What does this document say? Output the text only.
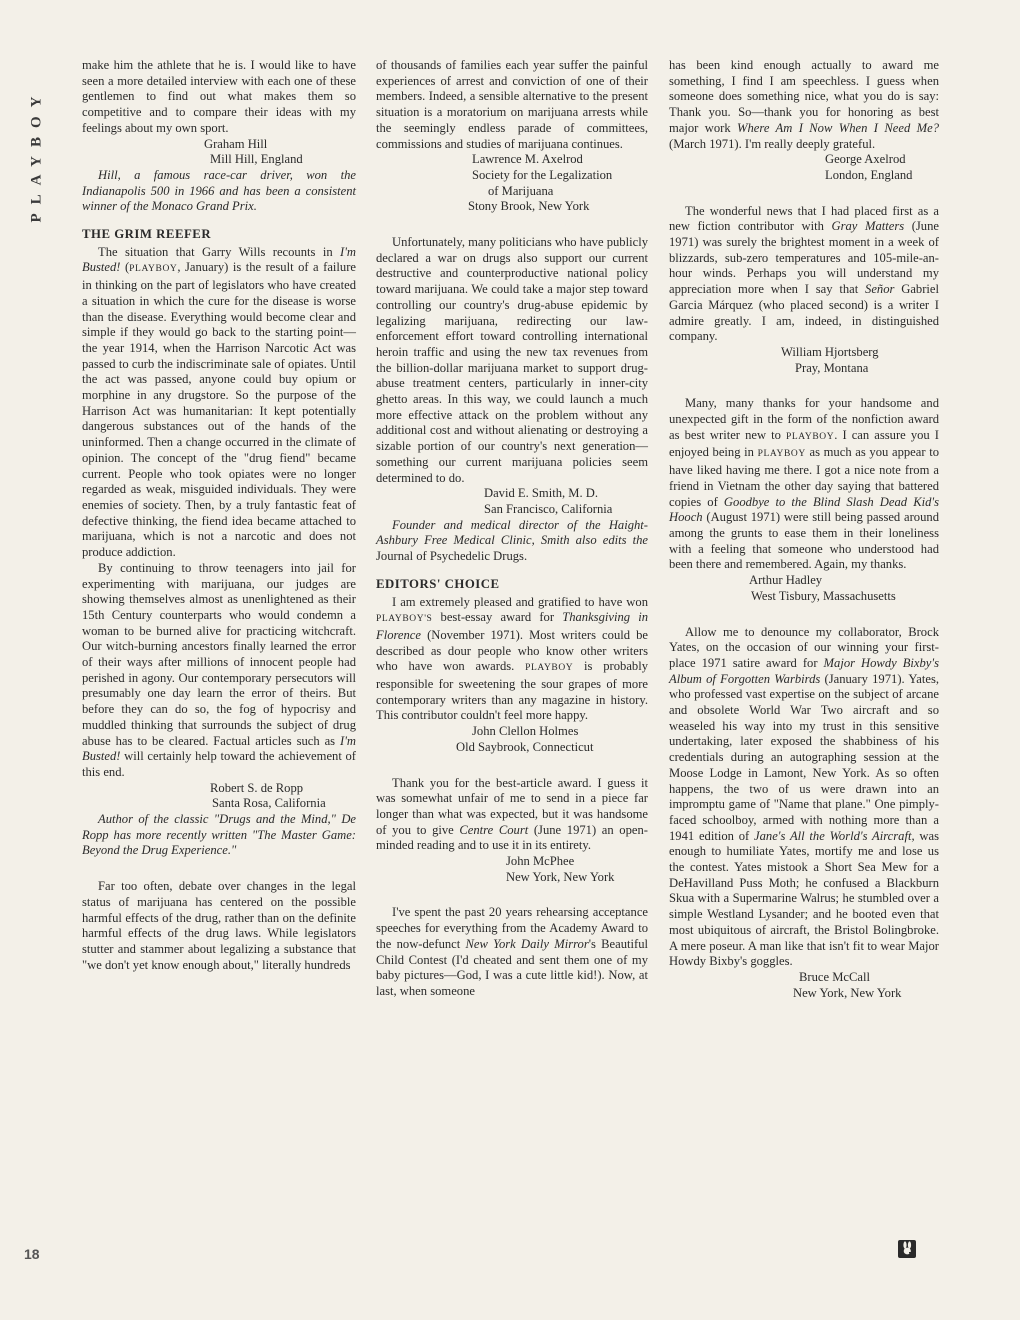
PLAYBOY
18

make him the athlete that he is. I would like to have seen a more detailed interview with each one of these gentlemen to find out what makes them so competitive and to compare their ideas with my feelings about my own sport.

Graham Hill

Mill Hill, England

Hill, a famous race-car driver, won the Indianapolis 500 in 1966 and has been a consistent winner of the Monaco Grand Prix.

THE GRIM REEFER

The situation that Garry Wills recounts in I'm Busted! (PLAYBOY, January) is the result of a failure in thinking on the part of legislators who have created a situation in which the cure for the disease is worse than the disease. Everything would become clear and simple if they would go back to the starting point—the year 1914, when the Harrison Narcotic Act was passed to curb the indiscriminate sale of opiates. Until the act was passed, anyone could buy opium or morphine in any drugstore. So the purpose of the Harrison Act was humanitarian: It kept potentially dangerous substances out of the hands of the uninformed. Then a change occurred in the climate of opinion. The concept of the "drug fiend" became current. People who took opiates were no longer regarded as weak, misguided individuals. They were enemies of society. Then, by a truly fantastic feat of defective thinking, the fiend idea became attached to marijuana, which is not a narcotic and does not produce addiction.

By continuing to throw teenagers into jail for experimenting with marijuana, our judges are showing themselves almost as unenlightened as their 15th Century counterparts who would condemn a woman to be burned alive for practicing witchcraft. Our witch-burning ancestors finally learned the error of their ways after millions of innocent people had perished in agony. Our contemporary persecutors will presumably one day learn the error of theirs. But before they can do so, the fog of hypocrisy and muddled thinking that surrounds the subject of drug abuse has to be cleared. Factual articles such as I'm Busted! will certainly help toward the achievement of this end.

Robert S. de Ropp

Santa Rosa, California

Author of the classic "Drugs and the Mind," De Ropp has more recently written "The Master Game: Beyond the Drug Experience."

Far too often, debate over changes in the legal status of marijuana has centered on the possible harmful effects of the drug, rather than on the definite harmful effects of the drug laws. While legislators stutter and stammer about legalizing a substance that "we don't yet know enough about," literally hundreds

of thousands of families each year suffer the painful experiences of arrest and conviction of one of their members. Indeed, a sensible alternative to the present situation is a moratorium on marijuana arrests while the seemingly endless parade of committees, commissions and studies of marijuana continues.

Lawrence M. Axelrod

Society for the Legalization

of Marijuana

Stony Brook, New York

Unfortunately, many politicians who have publicly declared a war on drugs also support our current destructive and counterproductive national policy toward marijuana. We could take a major step toward controlling our country's drug-abuse epidemic by legalizing marijuana, redirecting our law-enforcement effort toward controlling international heroin traffic and using the new tax revenues from the billion-dollar marijuana market to support drug-abuse treatment centers, particularly in inner-city ghetto areas. In this way, we could launch a much more effective attack on the problem without any additional cost and without alienating or destroying a sizable portion of our country's next generation—something our current marijuana policies seem determined to do.

David E. Smith, M. D.

San Francisco, California

Founder and medical director of the Haight-Ashbury Free Medical Clinic, Smith also edits the Journal of Psychedelic Drugs.

EDITORS' CHOICE

I am extremely pleased and gratified to have won PLAYBOY'S best-essay award for Thanksgiving in Florence (November 1971). Most writers could be described as dour people who know other writers who have won awards. PLAYBOY is probably responsible for sweetening the sour grapes of more contemporary writers than any magazine in history. This contributor couldn't feel more happy.

John Clellon Holmes

Old Saybrook, Connecticut

Thank you for the best-article award. I guess it was somewhat unfair of me to send in a piece far longer than what was expected, but it was handsome of you to give Centre Court (June 1971) an open-minded reading and to use it in its entirety.

John McPhee

New York, New York

I've spent the past 20 years rehearsing acceptance speeches for everything from the Academy Award to the now-defunct New York Daily Mirror's Beautiful Child Contest (I'd cheated and sent them one of my baby pictures—God, I was a cute little kid!). Now, at last, when someone

has been kind enough actually to award me something, I find I am speechless. I guess when someone does something nice, what you do is say: Thank you. So—thank you for honoring as best major work Where Am I Now When I Need Me? (March 1971). I'm really deeply grateful.

George Axelrod

London, England

The wonderful news that I had placed first as a new fiction contributor with Gray Matters (June 1971) was surely the brightest moment in a week of blizzards, sub-zero temperatures and 105-mile-an-hour winds. Perhaps you will understand my appreciation more when I say that Señor Gabriel Garcia Márquez (who placed second) is a writer I admire greatly. I am, indeed, in distinguished company.

William Hjortsberg

Pray, Montana

Many, many thanks for your handsome and unexpected gift in the form of the nonfiction award as best writer new to PLAYBOY. I can assure you I enjoyed being in PLAYBOY as much as you appear to have liked having me there. I got a nice note from a friend in Vietnam the other day saying that battered copies of Goodbye to the Blind Slash Dead Kid's Hooch (August 1971) were still being passed around among the grunts to ease them in their loneliness with a feeling that someone who understood had been there and remembered. Again, my thanks.

Arthur Hadley

West Tisbury, Massachusetts

Allow me to denounce my collaborator, Brock Yates, on the occasion of our winning your first-place 1971 satire award for Major Howdy Bixby's Album of Forgotten Warbirds (January 1971). Yates, who professed vast expertise on the subject of arcane and obsolete World War Two aircraft and so weaseled his way into my trust in this sensitive undertaking, later exposed the shabbiness of his credentials during an autographing session at the Moose Lodge in Lamont, New York. As so often happens, the two of us were drawn into an impromptu game of "Name that plane." One pimply-faced schoolboy, armed with nothing more than a 1941 edition of Jane's All the World's Aircraft, was enough to humiliate Yates, mortify me and lose us the contest. Yates mistook a Short Sea Mew for a DeHavilland Puss Moth; he confused a Blackburn Skua with a Supermarine Walrus; he stumbled over a simple Westland Lysander; and he booted even that most ubiquitous of aircraft, the Bristol Bolingbroke. A mere poseur. A man like that isn't fit to wear Major Howdy Bixby's goggles.

Bruce McCall

New York, New York
